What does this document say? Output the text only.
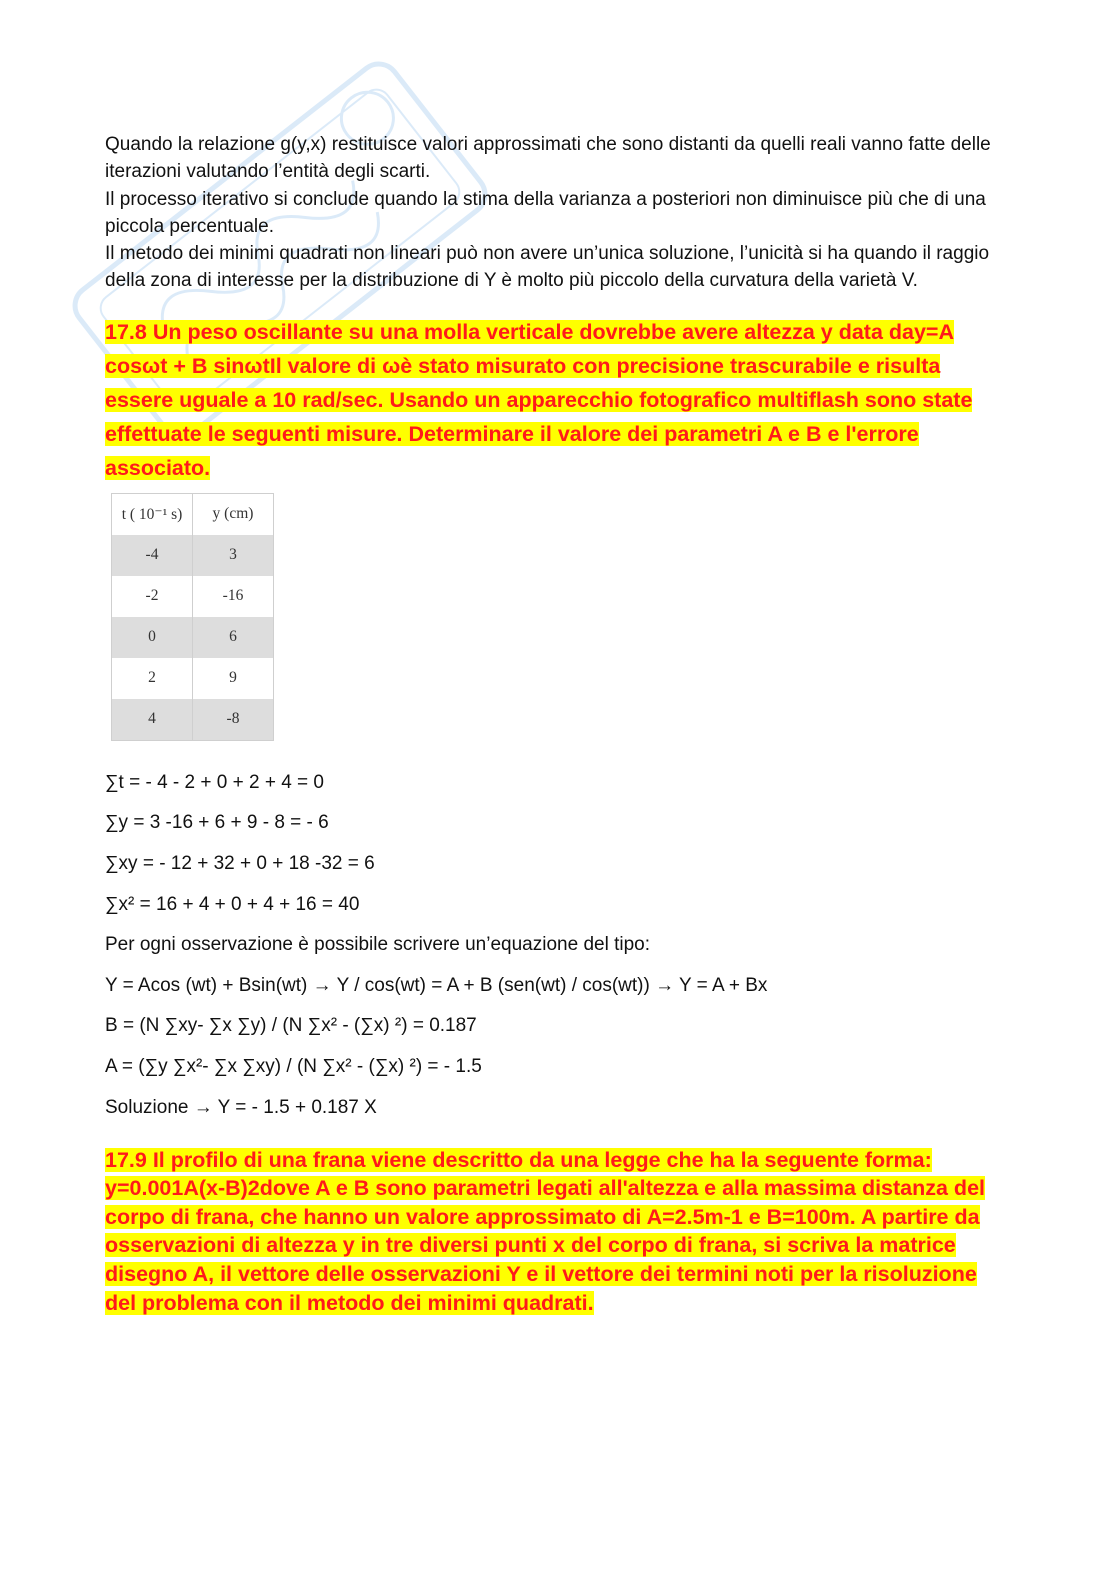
Quando la relazione g(y,x) restituisce valori approssimati che sono distanti da quelli reali vanno fatte delle iterazioni valutando l’entità degli scarti.

Il processo iterativo si conclude quando la stima della varianza a posteriori non diminuisce più che di una piccola percentuale.

Il metodo dei minimi quadrati non lineari può non avere un’unica soluzione, l’unicità si ha quando il raggio della zona di interesse per la distribuzione di Y è molto più piccolo della curvatura della varietà V.

17.8 Un peso oscillante su una molla verticale dovrebbe avere altezza y data day=A cosωt + B sinωtIl valore di ωè stato misurato con precisione trascurabile e risulta essere uguale a 10 rad/sec. Usando un apparecchio fotografico multiflash sono state effettuate le seguenti misure. Determinare il valore dei parametri A e B e l'errore associato.

t ( 10⁻¹ s)	y (cm)
-4	3
-2	-16
0	6
2	9
4	-8

∑t = - 4 - 2 + 0 + 2 + 4 = 0

∑y = 3 -16 + 6 + 9 - 8 = - 6

∑xy = - 12 + 32 + 0 + 18 -32 = 6

∑x² = 16 + 4 + 0 + 4 + 16 = 40

Per ogni osservazione è possibile scrivere un’equazione del tipo:

Y = Acos (wt) + Bsin(wt) → Y / cos(wt) = A + B (sen(wt) / cos(wt)) → Y = A + Bx

B = (N ∑xy- ∑x ∑y) / (N ∑x² - (∑x) ²) = 0.187

A = (∑y ∑x²- ∑x ∑xy) / (N ∑x² - (∑x) ²) = - 1.5

Soluzione → Y = - 1.5 + 0.187 X

17.9 Il profilo di una frana viene descritto da una legge che ha la seguente forma: y=0.001A(x-B)2dove A e B sono parametri legati all'altezza e alla massima distanza del corpo di frana, che hanno un valore approssimato di A=2.5m-1 e B=100m. A partire da osservazioni di altezza y in tre diversi punti x del corpo di frana, si scriva la matrice disegno A, il vettore delle osservazioni Y e il vettore dei termini noti per la risoluzione del problema con il metodo dei minimi quadrati.
